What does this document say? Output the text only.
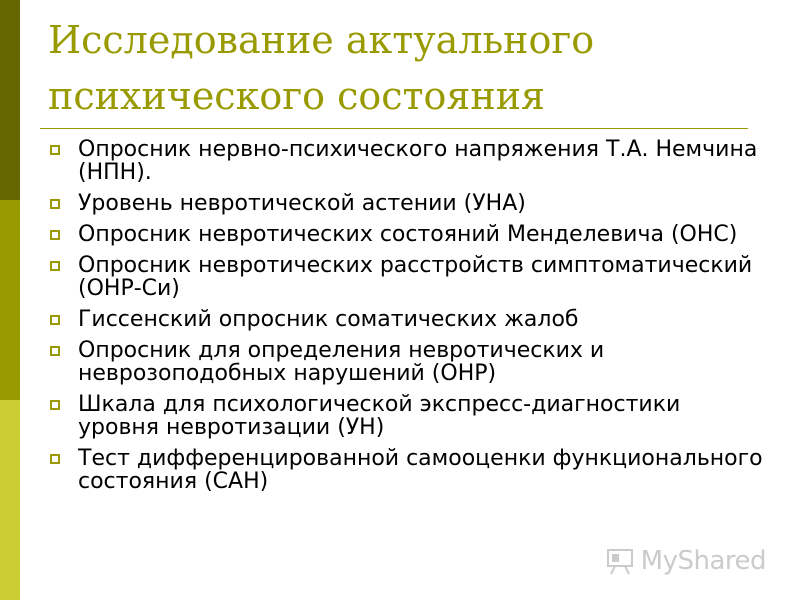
Исследование актуального
психического состояния
Опросник нервно-психического напряжения Т.А. Немчина (НПН).
Уровень невротической астении (УНА)
Опросник невротических состояний Менделевича (ОНС)
Опросник невротических расстройств симптоматический (ОНР-Си)
Гиссенский опросник соматических жалоб
Опросник для определения невротических и неврозоподобных нарушений (ОНР)
Шкала для психологической экспресс-диагностики уровня невротизации (УН)
Тест дифференцированной самооценки функционального состояния (САН)
MyShared
